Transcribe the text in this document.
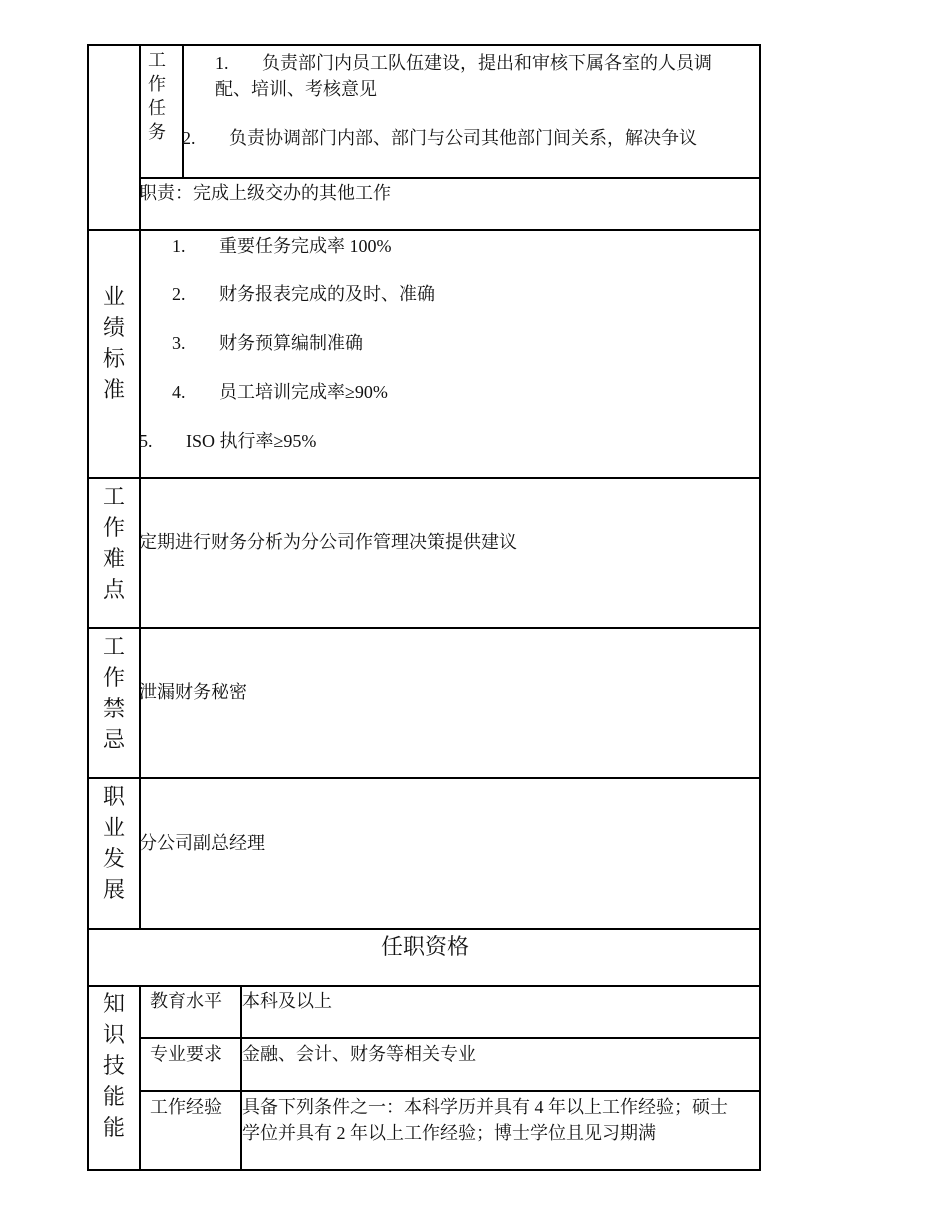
工作任务
1. 负责部门内员工队伍建设，提出和审核下属各室的人员调
配、培训、考核意见
2. 负责协调部门内部、部门与公司其他部门间关系，解决争议
职责：完成上级交办的其他工作
业绩标准
1. 重要任务完成率 100%
2. 财务报表完成的及时、准确
3. 财务预算编制准确
4. 员工培训完成率≥90%
5. ISO 执行率≥95%
工作难点
定期进行财务分析为分公司作管理决策提供建议
工作禁忌
泄漏财务秘密
职业发展
分公司副总经理
任职资格
知识技能能
教育水平 本科及以上
专业要求 金融、会计、财务等相关专业
工作经验 具备下列条件之一：本科学历并具有 4 年以上工作经验；硕士
学位并具有 2 年以上工作经验；博士学位且见习期满
